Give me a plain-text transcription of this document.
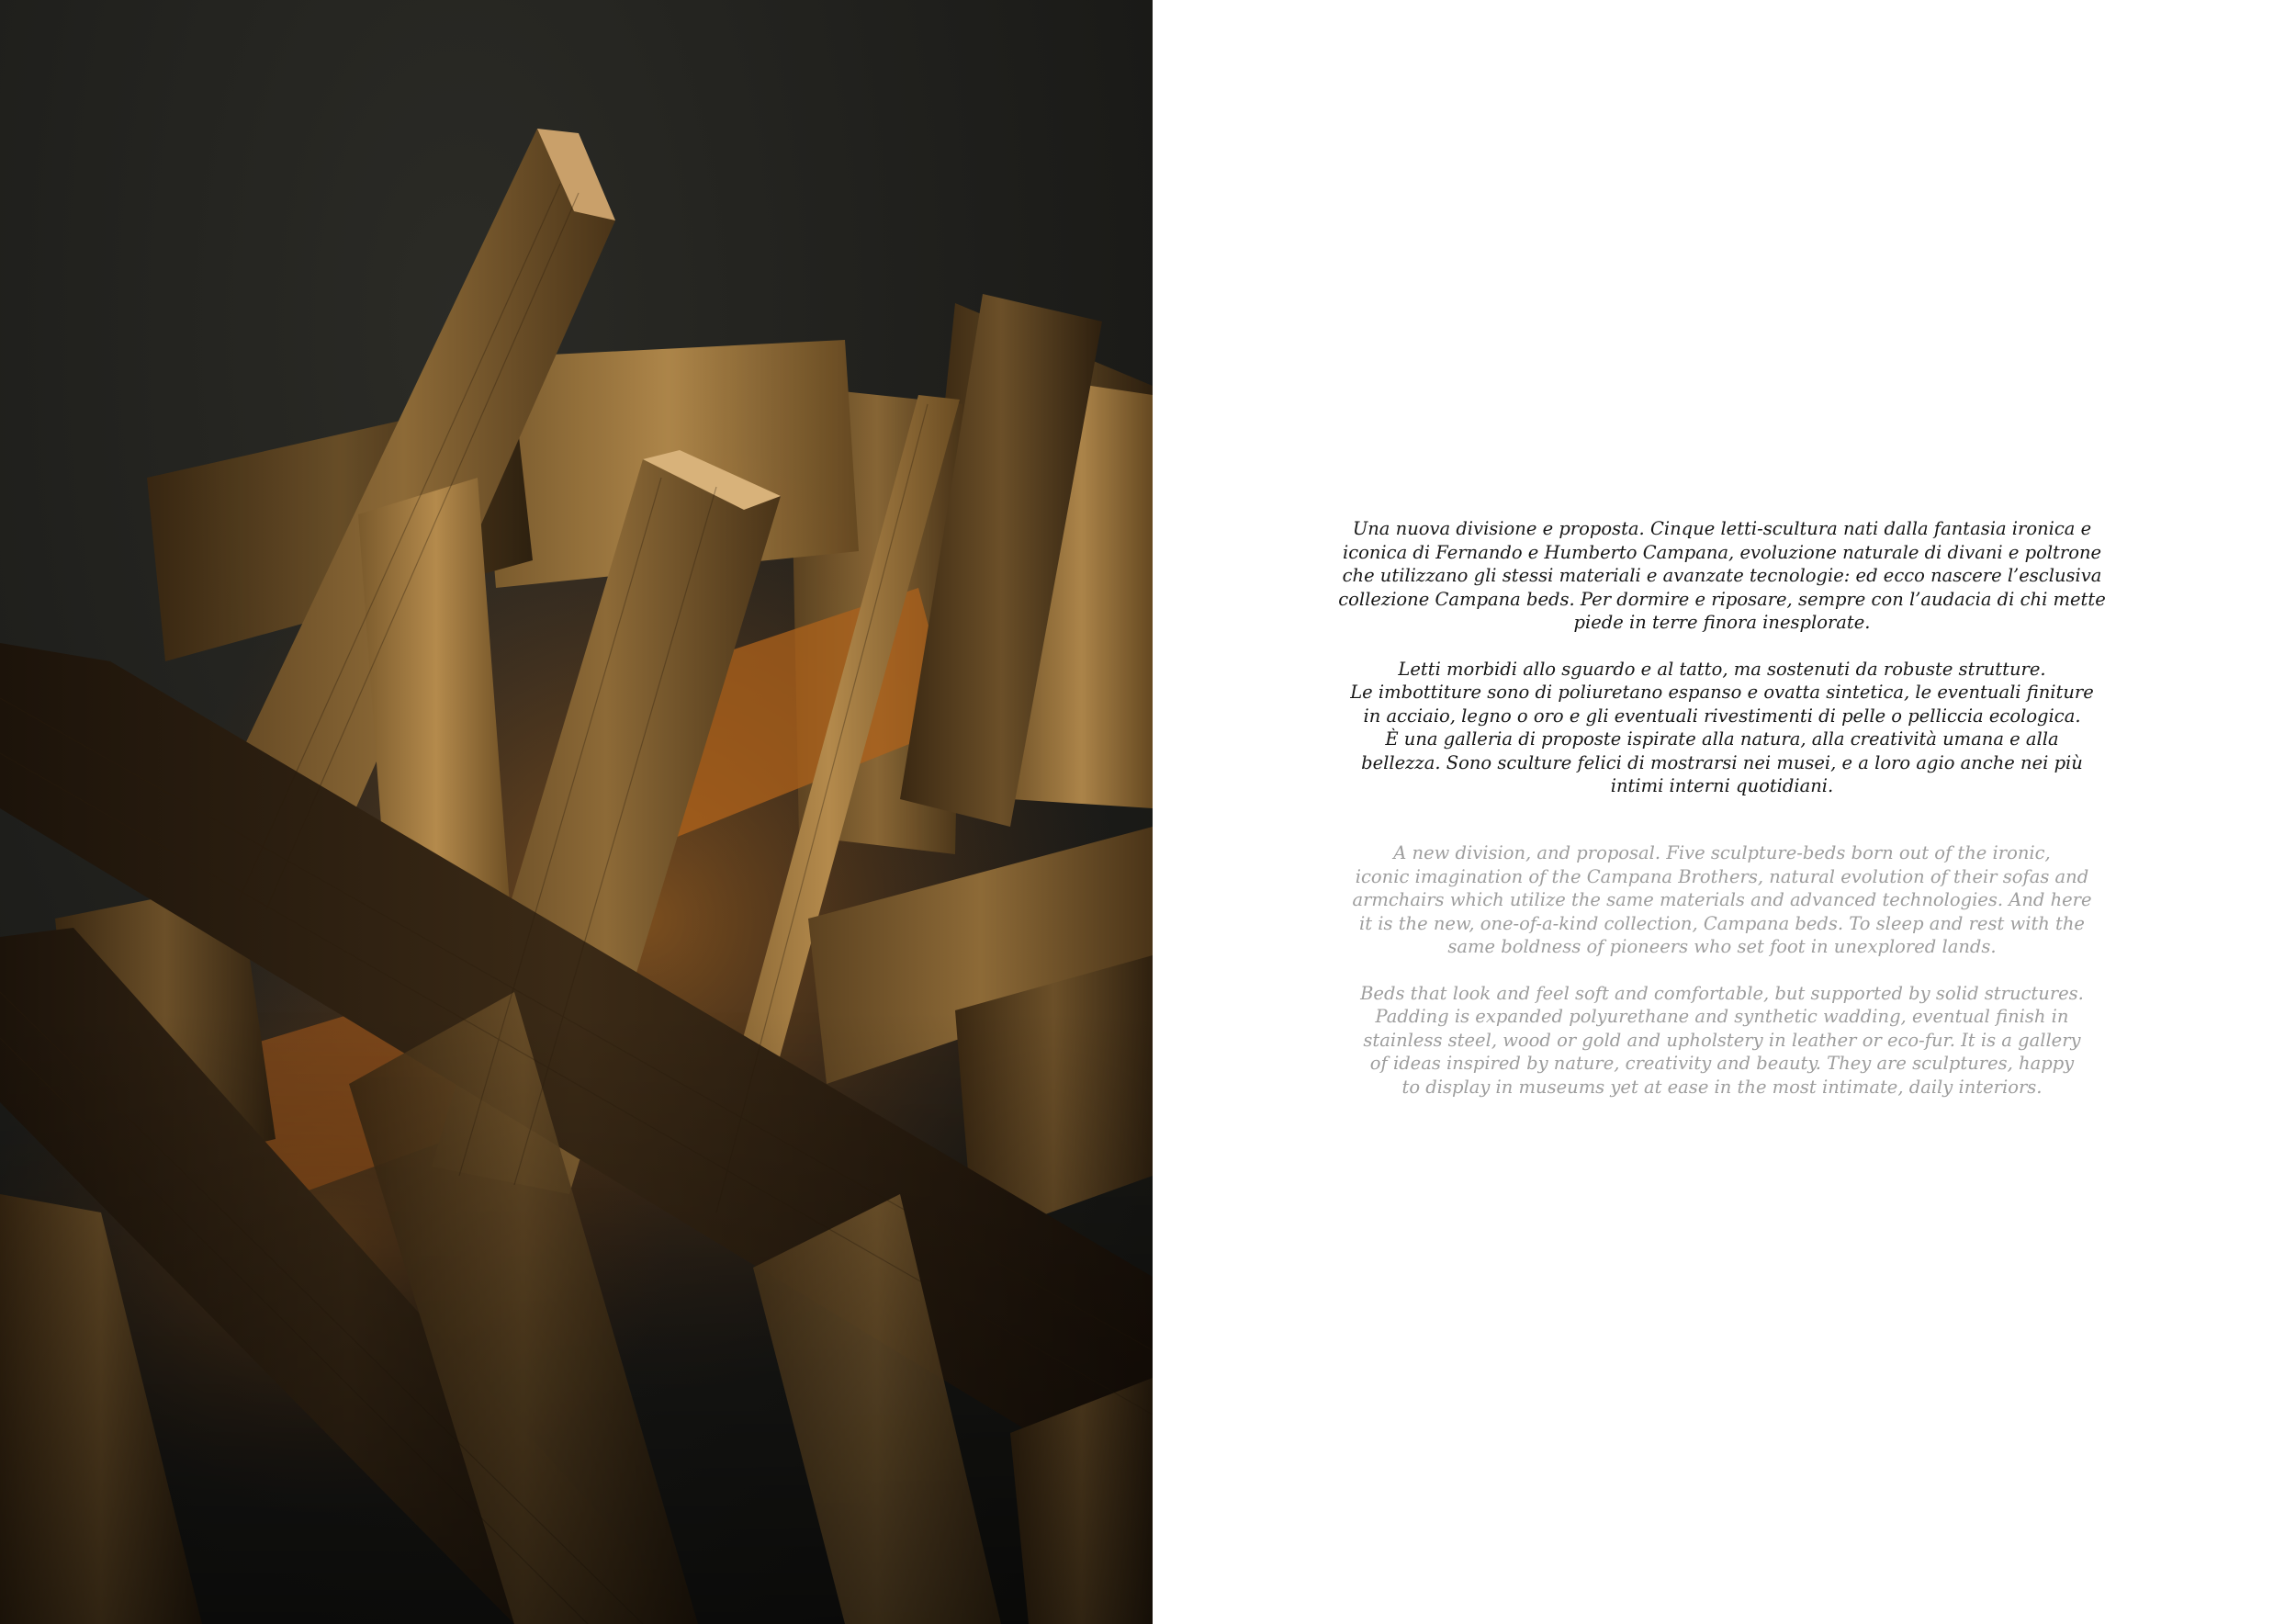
Una nuova divisione e proposta. Cinque letti-scultura nati dalla fantasia ironica e
iconica di Fernando e Humberto Campana, evoluzione naturale di divani e poltrone
che utilizzano gli stessi materiali e avanzate tecnologie: ed ecco nascere l’esclusiva
collezione Campana beds. Per dormire e riposare, sempre con l’audacia di chi mette
piede in terre finora inesplorate.

Letti morbidi allo sguardo e al tatto, ma sostenuti da robuste strutture.
Le imbottiture sono di poliuretano espanso e ovatta sintetica, le eventuali finiture
in acciaio, legno o oro e gli eventuali rivestimenti di pelle o pelliccia ecologica.
È una galleria di proposte ispirate alla natura, alla creatività umana e alla
bellezza. Sono sculture felici di mostrarsi nei musei, e a loro agio anche nei più
intimi interni quotidiani.

A new division, and proposal. Five sculpture-beds born out of the ironic,
iconic imagination of the Campana Brothers, natural evolution of their sofas and
armchairs which utilize the same materials and advanced technologies. And here
it is the new, one-of-a-kind collection, Campana beds. To sleep and rest with the
same boldness of pioneers who set foot in unexplored lands.

Beds that look and feel soft and comfortable, but supported by solid structures.
Padding is expanded polyurethane and synthetic wadding, eventual finish in
stainless steel, wood or gold and upholstery in leather or eco-fur. It is a gallery
of ideas inspired by nature, creativity and beauty. They are sculptures, happy
to display in museums yet at ease in the most intimate, daily interiors.
